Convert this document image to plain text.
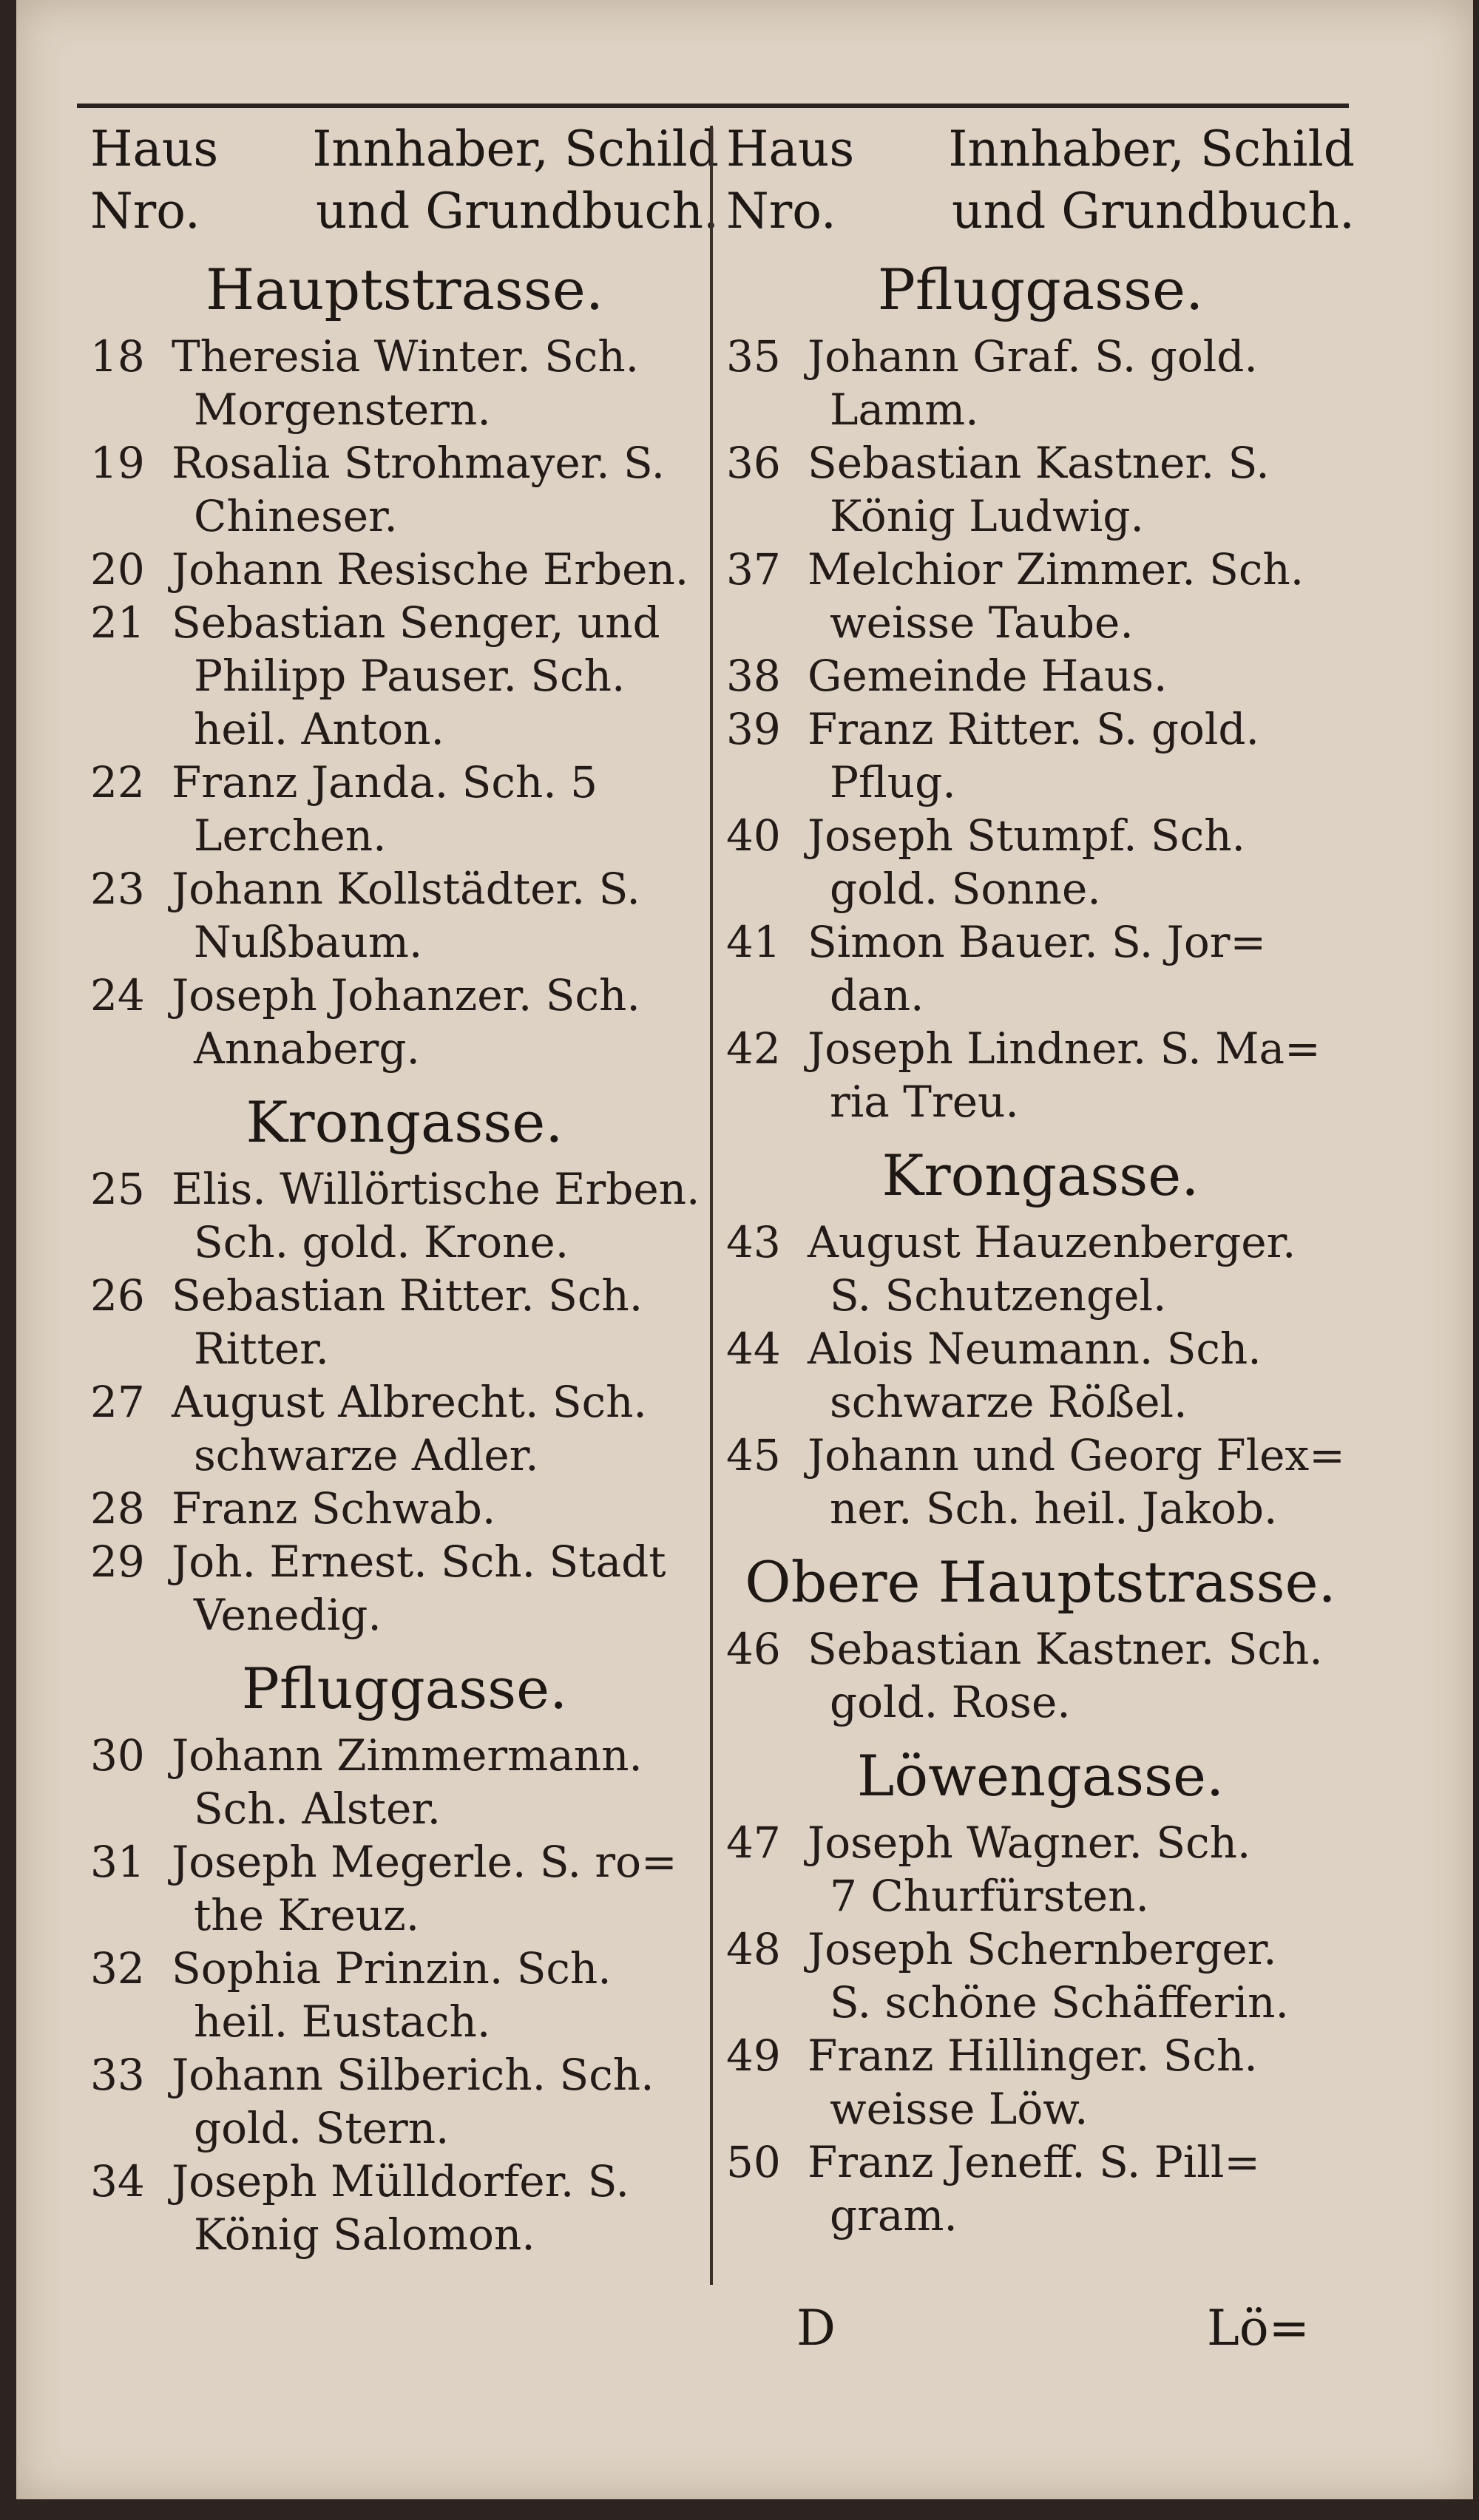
Haus Innhaber, Schild
Nro. und Grundbuch.
Hauptstrasse.
18 Theresia Winter. Sch.
Morgenstern.
19 Rosalia Strohmayer. S.
Chineser.
20 Johann Resische Erben.
21 Sebastian Senger, und
Philipp Pauser. Sch.
heil. Anton.
22 Franz Janda. Sch. 5
Lerchen.
23 Johann Kollstädter. S.
Nußbaum.
24 Joseph Johanzer. Sch.
Annaberg.
Krongasse.
25 Elis. Willörtische Erben.
Sch. gold. Krone.
26 Sebastian Ritter. Sch.
Ritter.
27 August Albrecht. Sch.
schwarze Adler.
28 Franz Schwab.
29 Joh. Ernest. Sch. Stadt
Venedig.
Pfluggasse.
30 Johann Zimmermann.
Sch. Alster.
31 Joseph Megerle. S. ro=
the Kreuz.
32 Sophia Prinzin. Sch.
heil. Eustach.
33 Johann Silberich. Sch.
gold. Stern.
34 Joseph Mülldorfer. S.
König Salomon.
Haus Innhaber, Schild
Nro. und Grundbuch.
Pfluggasse.
35 Johann Graf. S. gold.
Lamm.
36 Sebastian Kastner. S.
König Ludwig.
37 Melchior Zimmer. Sch.
weisse Taube.
38 Gemeinde Haus.
39 Franz Ritter. S. gold.
Pflug.
40 Joseph Stumpf. Sch.
gold. Sonne.
41 Simon Bauer. S. Jor=
dan.
42 Joseph Lindner. S. Ma=
ria Treu.
Krongasse.
43 August Hauzenberger.
S. Schutzengel.
44 Alois Neumann. Sch.
schwarze Rößel.
45 Johann und Georg Flex=
ner. Sch. heil. Jakob.
Obere Hauptstrasse.
46 Sebastian Kastner. Sch.
gold. Rose.
Löwengasse.
47 Joseph Wagner. Sch.
7 Churfürsten.
48 Joseph Schernberger.
S. schöne Schäfferin.
49 Franz Hillinger. Sch.
weisse Löw.
50 Franz Jeneff. S. Pill=
gram.
D	Lö=
